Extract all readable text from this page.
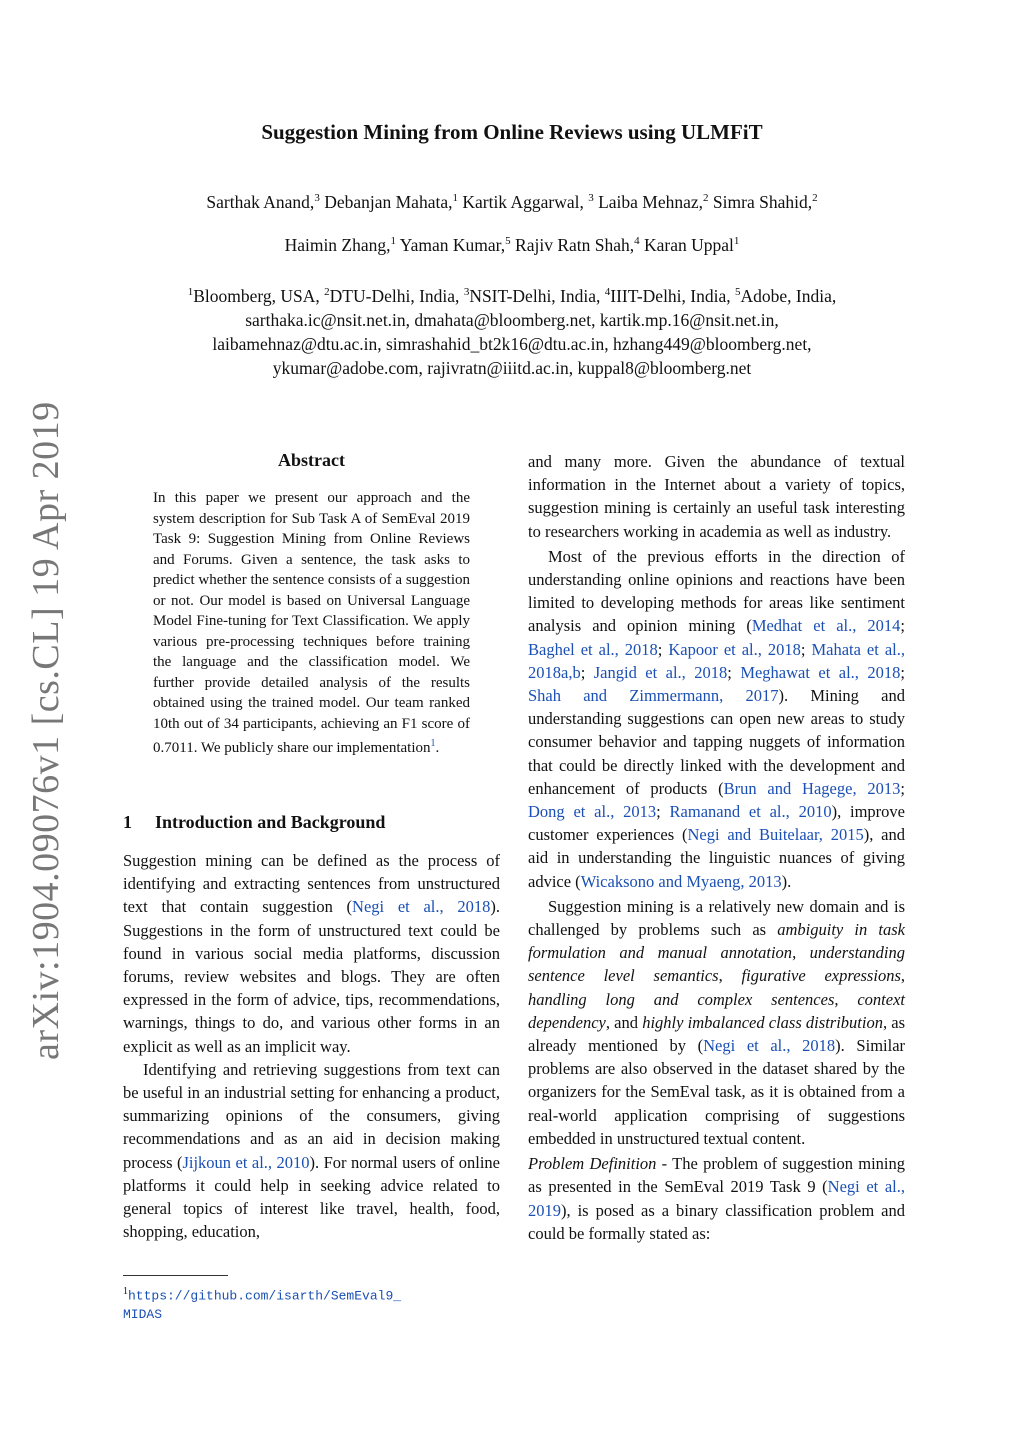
Suggestion Mining from Online Reviews using ULMFiT
Sarthak Anand,$^3$ Debanjan Mahata,$^1$ Kartik Aggarwal, $^3$ Laiba Mehnaz,$^2$ Simra Shahid,$^2$
Haimin Zhang,$^1$ Yaman Kumar,$^5$ Rajiv Ratn Shah,$^4$ Karan Uppal$^1$
$^1$Bloomberg, USA, $^2$DTU-Delhi, India, $^3$NSIT-Delhi, India, $^4$IIIT-Delhi, India, $^5$Adobe, India,
sarthaka.ic@nsit.net.in, dmahata@bloomberg.net, kartik.mp.16@nsit.net.in,
laibamehnaz@dtu.ac.in, simrashahid_bt2k16@dtu.ac.in, hzhang449@bloomberg.net,
ykumar@adobe.com, rajivratn@iiitd.ac.in, kuppal8@bloomberg.net
arXiv:1904.09076v1 [cs.CL] 19 Apr 2019	Abstract
In this paper we present our approach and the system description for Sub Task A of SemEval 2019 Task 9: Suggestion Mining from Online Reviews and Forums. Given a sentence, the task asks to predict whether the sentence consists of a suggestion or not. Our model is based on Universal Language Model Fine-tuning for Text Classification. We apply various pre-processing techniques before training the language and the classification model. We further provide detailed analysis of the results obtained using the trained model. Our team ranked 10th out of 34 participants, achieving an F1 score of 0.7011. We publicly share our implementation$^1$.
1 Introduction and Background

Suggestion mining can be defined as the process of identifying and extracting sentences from unstructured text that contain suggestion (Negi et al., 2018). Suggestions in the form of unstructured text could be found in various social media platforms, discussion forums, review websites and blogs. They are often expressed in the form of advice, tips, recommendations, warnings, things to do, and various other forms in an explicit as well as an implicit way.

Identifying and retrieving suggestions from text can be useful in an industrial setting for enhancing a product, summarizing opinions of the consumers, giving recommendations and as an aid in decision making process (Jijkoun et al., 2010). For normal users of online platforms it could help in seeking advice related to general topics of interest like travel, health, food, shopping, education,

$^1$https://github.com/isarth/SemEval9_
MIDAS

and many more. Given the abundance of textual information in the Internet about a variety of topics, suggestion mining is certainly an useful task interesting to researchers working in academia as well as industry.

Most of the previous efforts in the direction of understanding online opinions and reactions have been limited to developing methods for areas like sentiment analysis and opinion mining (Medhat et al., 2014; Baghel et al., 2018; Kapoor et al., 2018; Mahata et al., 2018a,b; Jangid et al., 2018; Meghawat et al., 2018; Shah and Zimmermann, 2017). Mining and understanding suggestions can open new areas to study consumer behavior and tapping nuggets of information that could be directly linked with the development and enhancement of products (Brun and Hagege, 2013; Dong et al., 2013; Ramanand et al., 2010), improve customer experiences (Negi and Buitelaar, 2015), and aid in understanding the linguistic nuances of giving advice (Wicaksono and Myaeng, 2013).

Suggestion mining is a relatively new domain and is challenged by problems such as ambiguity in task formulation and manual annotation, understanding sentence level semantics, figurative expressions, handling long and complex sentences, context dependency, and highly imbalanced class distribution, as already mentioned by (Negi et al., 2018). Similar problems are also observed in the dataset shared by the organizers for the SemEval task, as it is obtained from a real-world application comprising of suggestions embedded in unstructured textual content.

Problem Definition - The problem of suggestion mining as presented in the SemEval 2019 Task 9 (Negi et al., 2019), is posed as a binary classification problem and could be formally stated as:
